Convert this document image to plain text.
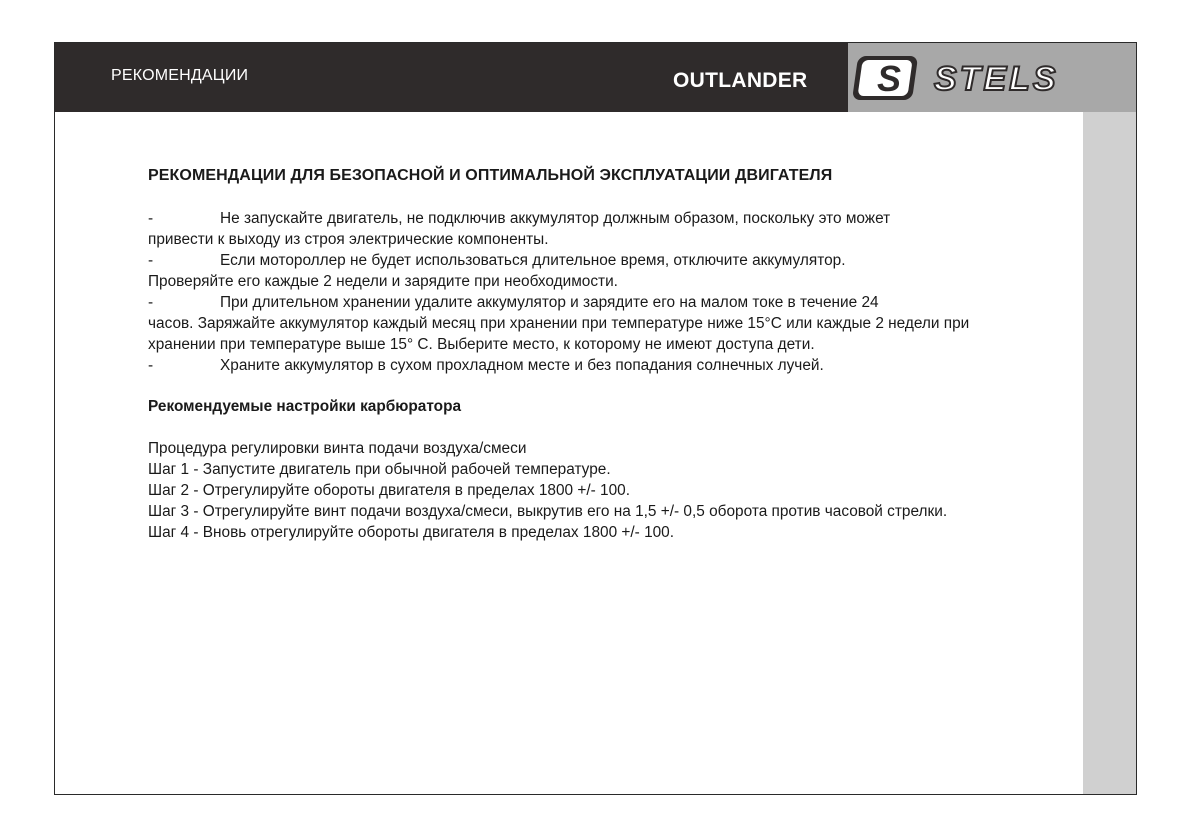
РЕКОМЕНДАЦИИ	OUTLANDER S STELS

РЕКОМЕНДАЦИИ ДЛЯ БЕЗОПАСНОЙ И ОПТИМАЛЬНОЙ ЭКСПЛУАТАЦИИ ДВИГАТЕЛЯ

-	Не запускайте двигатель, не подключив аккумулятор должным образом, поскольку это может
привести к выходу из строя электрические компоненты.

-	Если мотороллер не будет использоваться длительное время, отключите аккумулятор.
Проверяйте его каждые 2 недели и зарядите при необходимости.

-	При длительном хранении удалите аккумулятор и зарядите его на малом токе в течение 24
часов. Заряжайте аккумулятор каждый месяц при хранении при температуре ниже 15°C или каждые 2 недели при хранении при температуре выше 15° С. Выберите место, к которому не имеют доступа дети.

-	Храните аккумулятор в сухом прохладном месте и без попадания солнечных лучей.

Рекомендуемые настройки карбюратора

Процедура регулировки винта подачи воздуха/смеси

Шаг 1 - Запустите двигатель при обычной рабочей температуре.

Шаг 2 - Отрегулируйте обороты двигателя в пределах 1800 +/- 100.

Шаг 3 - Отрегулируйте винт подачи воздуха/смеси, выкрутив его на 1,5 +/- 0,5 оборота против часовой стрелки.

Шаг 4 - Вновь отрегулируйте обороты двигателя в пределах 1800 +/- 100.
